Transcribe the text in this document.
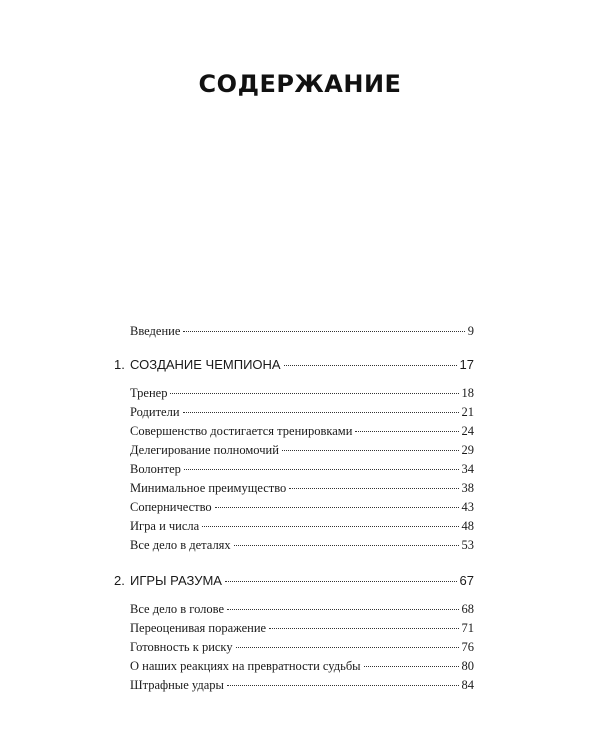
СОДЕРЖАНИЕ
Введение	9
1. СОЗДАНИЕ ЧЕМПИОНА	17
Тренер	18
Родители	21
Совершенство достигается тренировками	24
Делегирование полномочий	29
Волонтер	34
Минимальное преимущество	38
Соперничество	43
Игра и числа	48
Все дело в деталях	53
2. ИГРЫ РАЗУМА	67
Все дело в голове	68
Переоценивая поражение	71
Готовность к риску	76
О наших реакциях на превратности судьбы	80
Штрафные удары	84
